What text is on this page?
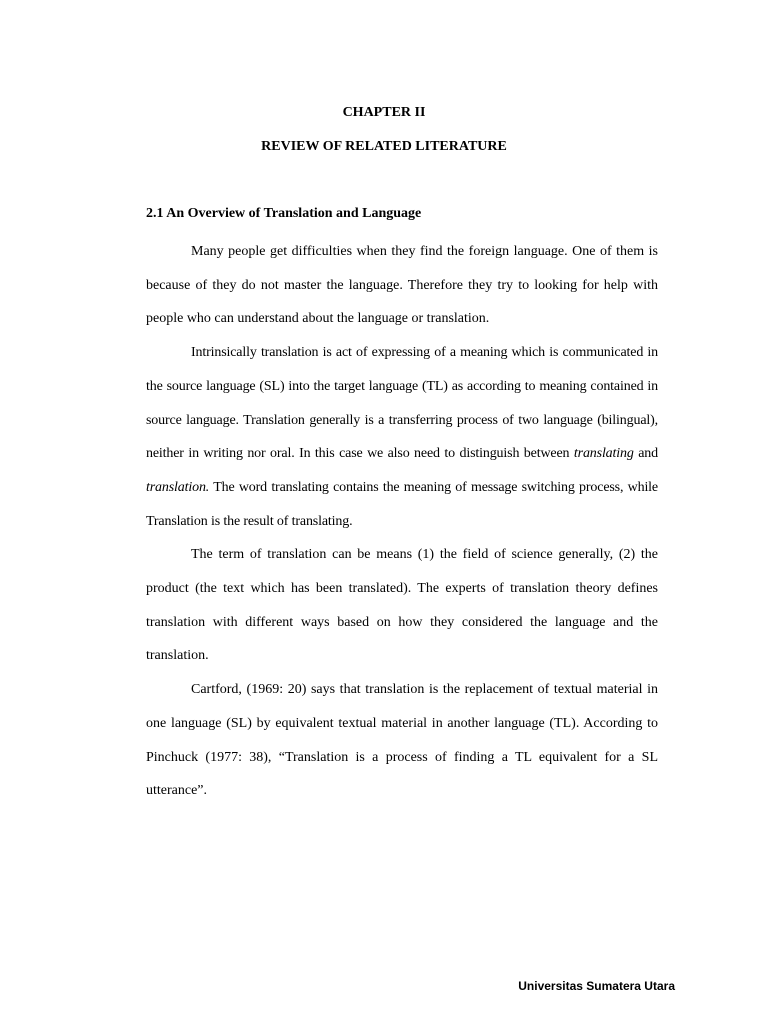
CHAPTER II
REVIEW OF RELATED LITERATURE
2.1 An Overview of Translation and Language

Many people get difficulties when they find the foreign language. One of them is because of they do not master the language. Therefore they try to looking for help with people who can understand about the language or translation.

Intrinsically translation is act of expressing of a meaning which is communicated in the source language (SL) into the target language (TL) as according to meaning contained in source language. Translation generally is a transferring process of two language (bilingual), neither in writing nor oral. In this case we also need to distinguish between translating and translation. The word translating contains the meaning of message switching process, while Translation is the result of translating.

The term of translation can be means (1) the field of science generally, (2) the product (the text which has been translated). The experts of translation theory defines translation with different ways based on how they considered the language and the translation.

Cartford, (1969: 20) says that translation is the replacement of textual material in one language (SL) by equivalent textual material in another language (TL). According to Pinchuck (1977: 38), “Translation is a process of finding a TL equivalent for a SL utterance”.

Universitas Sumatera Utara
